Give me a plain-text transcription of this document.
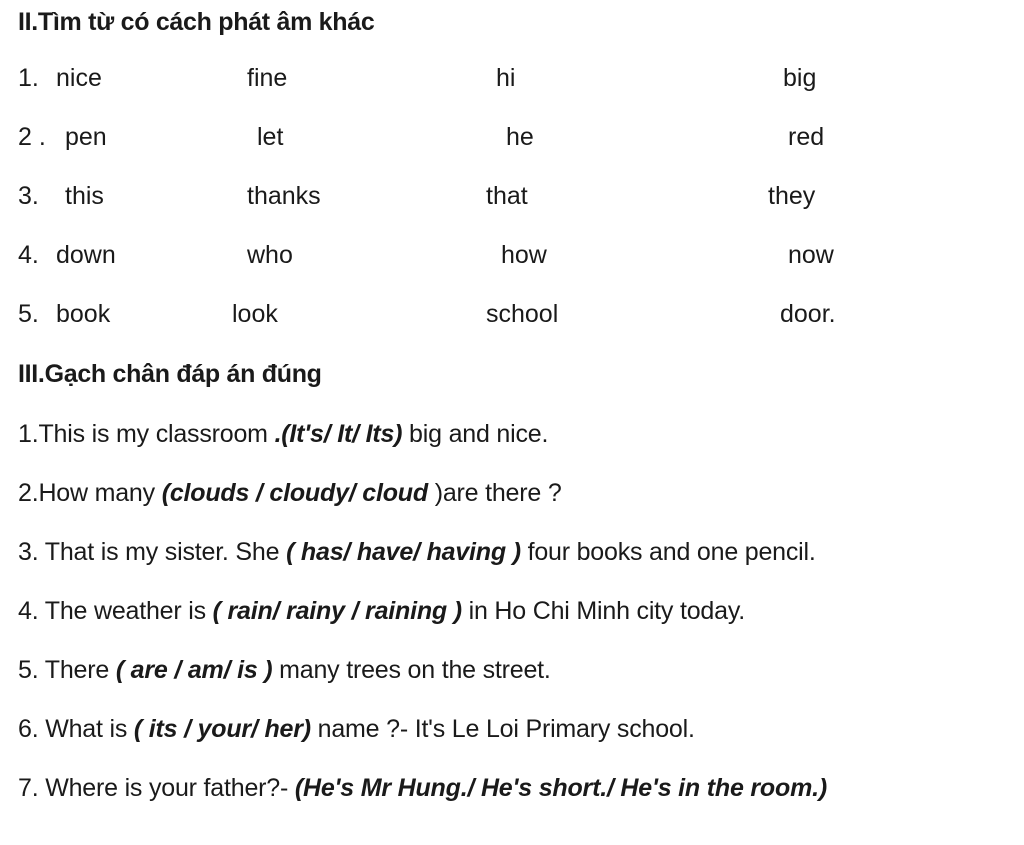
II.Tìm từ có cách phát âm khác
1. nice	fine	hi	big
2 . pen	let	he	red
3. this	thanks	that	they
4. down	who	how	now
5. book	look	school	door.
III.Gạch chân đáp án đúng
1.This is my classroom .(It's/ It/ Its) big and nice.
2.How many (clouds / cloudy/ cloud )are there ?
3. That is my sister. She ( has/ have/ having ) four books and one pencil.
4. The weather is ( rain/ rainy / raining ) in Ho Chi Minh city today.
5. There ( are / am/ is ) many trees on the street.
6. What is ( its / your/ her) name ?- It's Le Loi Primary school.
7. Where is your father?- (He's Mr Hung./ He's short./ He's in the room.)
